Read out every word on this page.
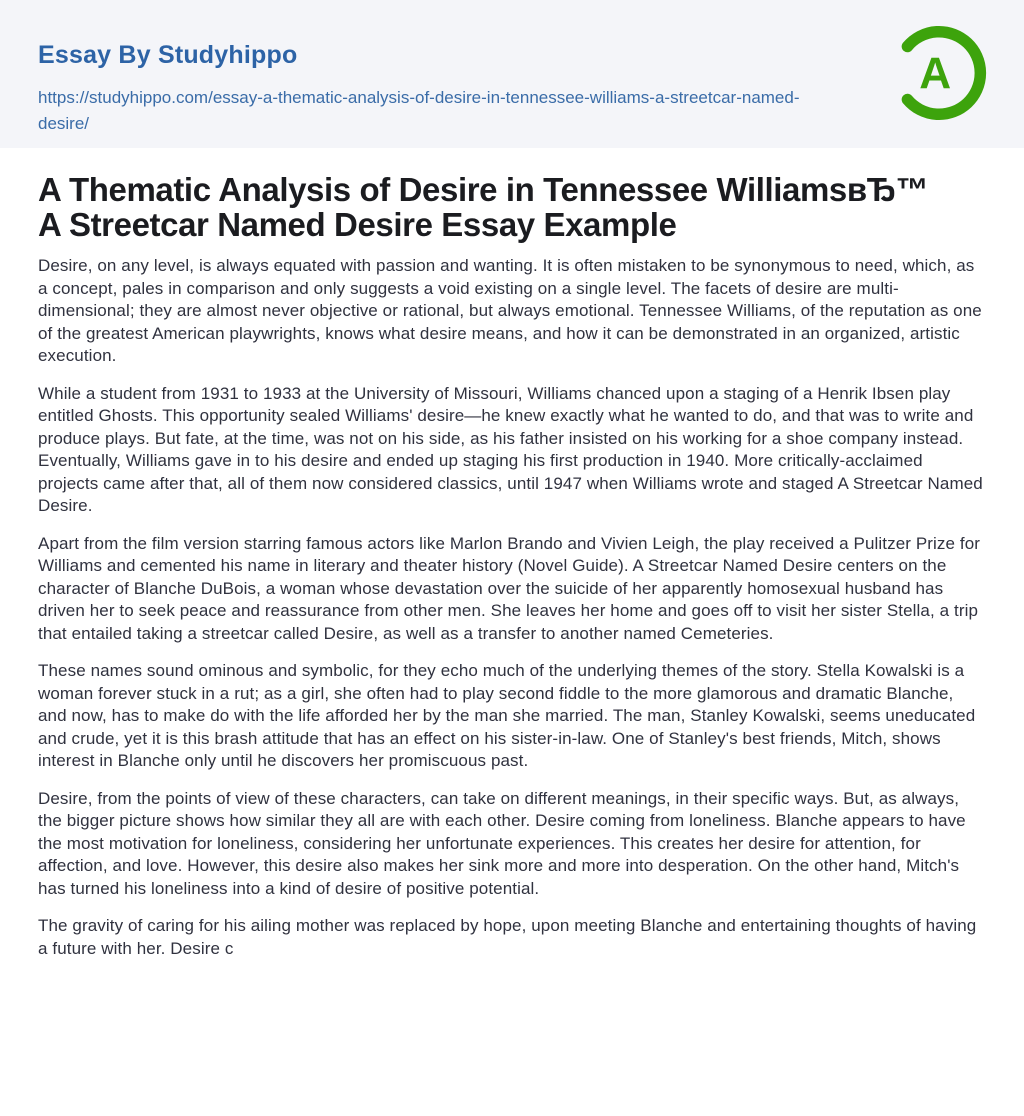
Essay By Studyhippo
https://studyhippo.com/essay-a-thematic-analysis-of-desire-in-tennessee-williams-a-streetcar-named-desire/
A
A Thematic Analysis of Desire in Tennessee WilliamsвЂ™ A Streetcar Named Desire Essay Example

Desire, on any level, is always equated with passion and wanting. It is often mistaken to be synonymous to need, which, as a concept, pales in comparison and only suggests a void existing on a single level. The facets of desire are multi-dimensional; they are almost never objective or rational, but always emotional. Tennessee Williams, of the reputation as one of the greatest American playwrights, knows what desire means, and how it can be demonstrated in an organized, artistic execution.

While a student from 1931 to 1933 at the University of Missouri, Williams chanced upon a staging of a Henrik Ibsen play entitled Ghosts. This opportunity sealed Williams' desire—he knew exactly what he wanted to do, and that was to write and produce plays. But fate, at the time, was not on his side, as his father insisted on his working for a shoe company instead. Eventually, Williams gave in to his desire and ended up staging his first production in 1940. More critically-acclaimed projects came after that, all of them now considered classics, until 1947 when Williams wrote and staged A Streetcar Named Desire.

Apart from the film version starring famous actors like Marlon Brando and Vivien Leigh, the play received a Pulitzer Prize for Williams and cemented his name in literary and theater history (Novel Guide). A Streetcar Named Desire centers on the character of Blanche DuBois, a woman whose devastation over the suicide of her apparently homosexual husband has driven her to seek peace and reassurance from other men. She leaves her home and goes off to visit her sister Stella, a trip that entailed taking a streetcar called Desire, as well as a transfer to another named Cemeteries.

These names sound ominous and symbolic, for they echo much of the underlying themes of the story. Stella Kowalski is a woman forever stuck in a rut; as a girl, she often had to play second fiddle to the more glamorous and dramatic Blanche, and now, has to make do with the life afforded her by the man she married. The man, Stanley Kowalski, seems uneducated and crude, yet it is this brash attitude that has an effect on his sister-in-law. One of Stanley's best friends, Mitch, shows interest in Blanche only until he discovers her promiscuous past.

Desire, from the points of view of these characters, can take on different meanings, in their specific ways. But, as always, the bigger picture shows how similar they all are with each other. Desire coming from loneliness. Blanche appears to have the most motivation for loneliness, considering her unfortunate experiences. This creates her desire for attention, for affection, and love. However, this desire also makes her sink more and more into desperation. On the other hand, Mitch's has turned his loneliness into a kind of desire of positive potential.

The gravity of caring for his ailing mother was replaced by hope, upon meeting Blanche and entertaining thoughts of having a future with her. Desire c
